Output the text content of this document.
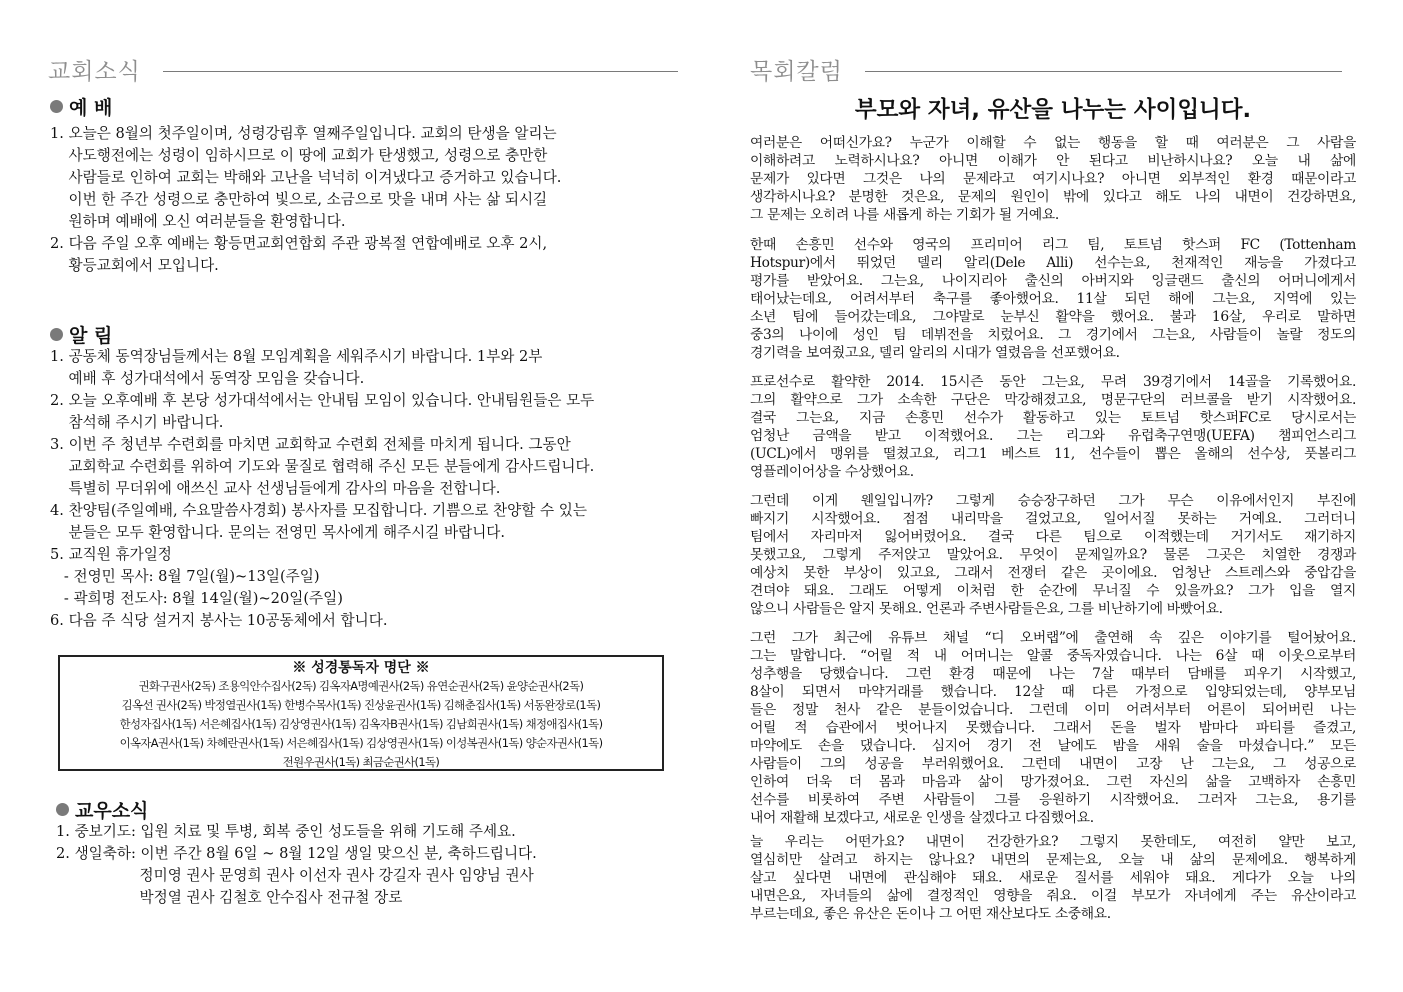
교회소식
예 배
1. 오늘은 8월의 첫주일이며, 성령강림후 열째주일입니다. 교회의 탄생을 알리는
사도행전에는 성령이 임하시므로 이 땅에 교회가 탄생했고, 성령으로 충만한
사람들로 인하여 교회는 박해와 고난을 넉넉히 이겨냈다고 증거하고 있습니다.
이번 한 주간 성령으로 충만하여 빛으로, 소금으로 맛을 내며 사는 삶 되시길
원하며 예배에 오신 여러분들을 환영합니다.
2. 다음 주일 오후 예배는 황등면교회연합회 주관 광복절 연합예배로 오후 2시,
황등교회에서 모입니다.
알 림
1. 공동체 동역장님들께서는 8월 모임계획을 세워주시기 바랍니다. 1부와 2부
예배 후 성가대석에서 동역장 모임을 갖습니다.
2. 오늘 오후예배 후 본당 성가대석에서는 안내팀 모임이 있습니다. 안내팀원들은 모두
참석해 주시기 바랍니다.
3. 이번 주 청년부 수련회를 마치면 교회학교 수련회 전체를 마치게 됩니다. 그동안
교회학교 수련회를 위하여 기도와 물질로 협력해 주신 모든 분들에게 감사드립니다.
특별히 무더위에 애쓰신 교사 선생님들에게 감사의 마음을 전합니다.
4. 찬양팀(주일예배, 수요말씀사경회) 봉사자를 모집합니다. 기쁨으로 찬양할 수 있는
분들은 모두 환영합니다. 문의는 전영민 목사에게 해주시길 바랍니다.
5. 교직원 휴가일정
- 전영민 목사: 8월 7일(월)~13일(주일)
- 곽희명 전도사: 8월 14일(월)~20일(주일)
6. 다음 주 식당 설거지 봉사는 10공동체에서 합니다.
※ 성경통독자 명단 ※
권화구권사(2독) 조용익안수집사(2독) 김옥자A명예권사(2독) 유연순권사(2독) 윤양순권사(2독)
김옥선 권사(2독) 박정열권사(1독) 한병수목사(1독) 진상윤권사(1독) 김해춘집사(1독) 서동완장로(1독)
한성자집사(1독) 서은혜집사(1독) 김상영권사(1독) 김옥자B권사(1독) 김남희권사(1독) 채정애집사(1독)
이옥자A권사(1독) 차혜란권사(1독) 서은혜집사(1독) 김상영권사(1독) 이성복권사(1독) 양순자권사(1독)
전원우권사(1독) 최금순권사(1독)
교우소식
1. 중보기도: 입원 치료 및 투병, 회복 중인 성도들을 위해 기도해 주세요.
2. 생일축하: 이번 주간 8월 6일 ~ 8월 12일 생일 맞으신 분, 축하드립니다.
정미영 권사 문영희 권사 이선자 권사 강길자 권사 임양님 권사
박정열 권사 김철호 안수집사 전규철 장로
목회칼럼
부모와 자녀, 유산을 나누는 사이입니다.
여러분은 어떠신가요? 누군가 이해할 수 없는 행동을 할 때 여러분은 그 사람을
이해하려고 노력하시나요? 아니면 이해가 안 된다고 비난하시나요? 오늘 내 삶에
문제가 있다면 그것은 나의 문제라고 여기시나요? 아니면 외부적인 환경 때문이라고
생각하시나요? 분명한 것은요, 문제의 원인이 밖에 있다고 해도 나의 내면이 건강하면요,
그 문제는 오히려 나를 새롭게 하는 기회가 될 거예요.
한때 손흥민 선수와 영국의 프리미어 리그 팀, 토트넘 핫스퍼 FC (Tottenham
Hotspur)에서 뛰었던 델리 알리(Dele Alli) 선수는요, 천재적인 재능을 가졌다고
평가를 받았어요. 그는요, 나이지리아 출신의 아버지와 잉글랜드 출신의 어머니에게서
태어났는데요, 어려서부터 축구를 좋아했어요. 11살 되던 해에 그는요, 지역에 있는
소년 팀에 들어갔는데요, 그야말로 눈부신 활약을 했어요. 불과 16살, 우리로 말하면
중3의 나이에 성인 팀 데뷔전을 치렀어요. 그 경기에서 그는요, 사람들이 놀랄 정도의
경기력을 보여줬고요, 델리 알리의 시대가 열렸음을 선포했어요.
프로선수로 활약한 2014. 15시즌 동안 그는요, 무려 39경기에서 14골을 기록했어요.
그의 활약으로 그가 소속한 구단은 막강해졌고요, 명문구단의 러브콜을 받기 시작했어요.
결국 그는요, 지금 손흥민 선수가 활동하고 있는 토트넘 핫스퍼FC로 당시로서는
엄청난 금액을 받고 이적했어요. 그는 리그와 유럽축구연맹(UEFA) 챔피언스리그
(UCL)에서 맹위를 떨쳤고요, 리그1 베스트 11, 선수들이 뽑은 올해의 선수상, 풋볼리그
영플레이어상을 수상했어요.
그런데 이게 웬일입니까? 그렇게 승승장구하던 그가 무슨 이유에서인지 부진에
빠지기 시작했어요. 점점 내리막을 걸었고요, 일어서질 못하는 거예요. 그러더니
팀에서 자리마저 잃어버렸어요. 결국 다른 팀으로 이적했는데 거기서도 재기하지
못했고요, 그렇게 주저앉고 말았어요. 무엇이 문제일까요? 물론 그곳은 치열한 경쟁과
예상치 못한 부상이 있고요, 그래서 전쟁터 같은 곳이에요. 엄청난 스트레스와 중압감을
견뎌야 돼요. 그래도 어떻게 이처럼 한 순간에 무너질 수 있을까요? 그가 입을 열지
않으니 사람들은 알지 못해요. 언론과 주변사람들은요, 그를 비난하기에 바빴어요.
그런 그가 최근에 유튜브 채널 “디 오버랩”에 출연해 속 깊은 이야기를 털어놨어요.
그는 말합니다. “어릴 적 내 어머니는 알콜 중독자였습니다. 나는 6살 때 이웃으로부터
성추행을 당했습니다. 그런 환경 때문에 나는 7살 때부터 담배를 피우기 시작했고,
8살이 되면서 마약거래를 했습니다. 12살 때 다른 가정으로 입양되었는데, 양부모님
들은 정말 천사 같은 분들이었습니다. 그런데 이미 어려서부터 어른이 되어버린 나는
어릴 적 습관에서 벗어나지 못했습니다. 그래서 돈을 벌자 밤마다 파티를 즐겼고,
마약에도 손을 댔습니다. 심지어 경기 전 날에도 밤을 새워 술을 마셨습니다.” 모든
사람들이 그의 성공을 부러워했어요. 그런데 내면이 고장 난 그는요, 그 성공으로
인하여 더욱 더 몸과 마음과 삶이 망가졌어요. 그런 자신의 삶을 고백하자 손흥민
선수를 비롯하여 주변 사람들이 그를 응원하기 시작했어요. 그러자 그는요, 용기를
내어 재활해 보겠다고, 새로운 인생을 살겠다고 다짐했어요.
늘 우리는 어떤가요? 내면이 건강한가요? 그렇지 못한데도, 여전히 얄만 보고,
열심히만 살려고 하지는 않나요? 내면의 문제는요, 오늘 내 삶의 문제에요. 행복하게
살고 싶다면 내면에 관심해야 돼요. 새로운 질서를 세워야 돼요. 게다가 오늘 나의
내면은요, 자녀들의 삶에 결정적인 영향을 줘요. 이걸 부모가 자녀에게 주는 유산이라고
부르는데요, 좋은 유산은 돈이나 그 어떤 재산보다도 소중해요.
